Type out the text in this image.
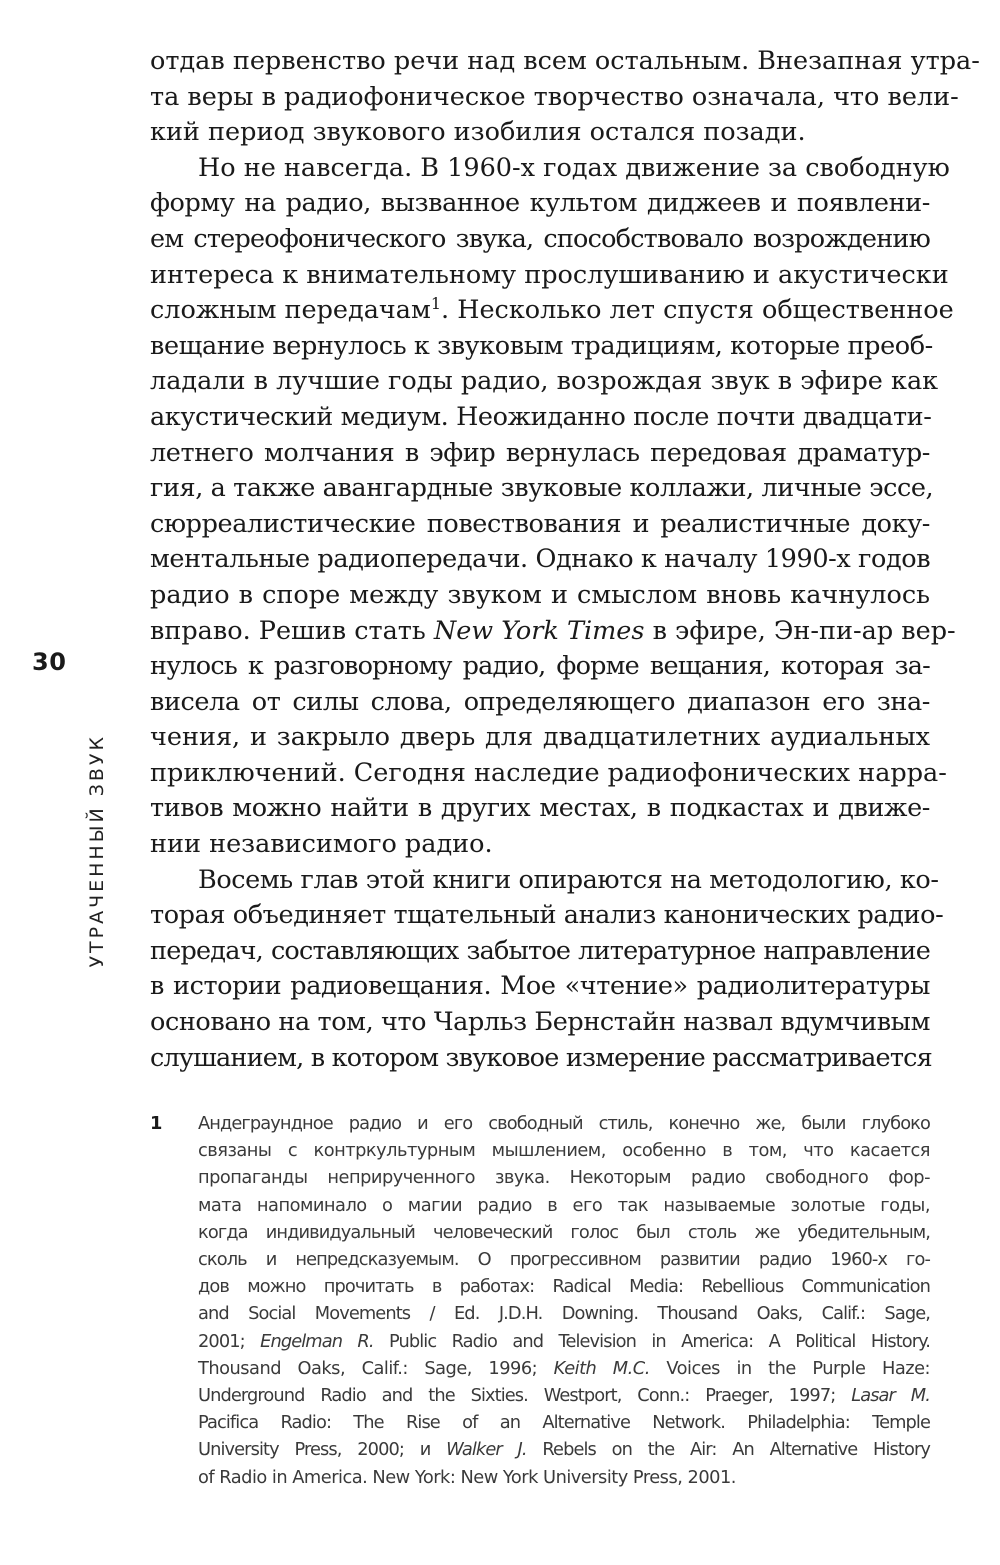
30
УТРАЧЕННЫЙ ЗВУК
отдав первенство речи над всем остальным. Внезапная утра-
та веры в радиофоническое творчество означала, что вели-
кий период звукового изобилия остался позади.
Но не навсегда. В 1960-х годах движение за свободную
форму на радио, вызванное культом диджеев и появлени-
ем стереофонического звука, способствовало возрождению
интереса к внимательному прослушиванию и акустически
сложным передачам$^1$. Несколько лет спустя общественное
вещание вернулось к звуковым традициям, которые преоб-
ладали в лучшие годы радио, возрождая звук в эфире как
акустический медиум. Неожиданно после почти двадцати-
летнего молчания в эфир вернулась передовая драматур-
гия, а также авангардные звуковые коллажи, личные эссе,
сюрреалистические повествования и реалистичные доку-
ментальные радиопередачи. Однако к началу 1990-х годов
радио в споре между звуком и смыслом вновь качнулось
вправо. Решив стать New York Times в эфире, Эн-пи-ар вер-
нулось к разговорному радио, форме вещания, которая за-
висела от силы слова, определяющего диапазон его зна-
чения, и закрыло дверь для двадцатилетних аудиальных
приключений. Сегодня наследие радиофонических нарра-
тивов можно найти в других местах, в подкастах и движе-
нии независимого радио.
Восемь глав этой книги опираются на методологию, ко-
торая объединяет тщательный анализ канонических радио-
передач, составляющих забытое литературное направление
в истории радиовещания. Мое «чтение» радиолитературы
основано на том, что Чарльз Бернстайн назвал вдумчивым
слушанием, в котором звуковое измерение рассматривается
1 Андеграундное радио и его свободный стиль, конечно же, были глубоко
связаны с контркультурным мышлением, особенно в том, что касается
пропаганды неприрученного звука. Некоторым радио свободного фор-
мата напоминало о магии радио в его так называемые золотые годы,
когда индивидуальный человеческий голос был столь же убедительным,
сколь и непредсказуемым. О прогрессивном развитии радио 1960-х го-
дов можно прочитать в работах: Radical Media: Rebellious Communication
and Social Movements / Ed. J.D.H. Downing. Thousand Oaks, Calif.: Sage,
2001; Engelman R. Public Radio and Television in America: A Political History.
Thousand Oaks, Calif.: Sage, 1996; Keith M.C. Voices in the Purple Haze:
Underground Radio and the Sixties. Westport, Conn.: Praeger, 1997; Lasar M.
Pacifica Radio: The Rise of an Alternative Network. Philadelphia: Temple
University Press, 2000; и Walker J. Rebels on the Air: An Alternative History
of Radio in America. New York: New York University Press, 2001.
